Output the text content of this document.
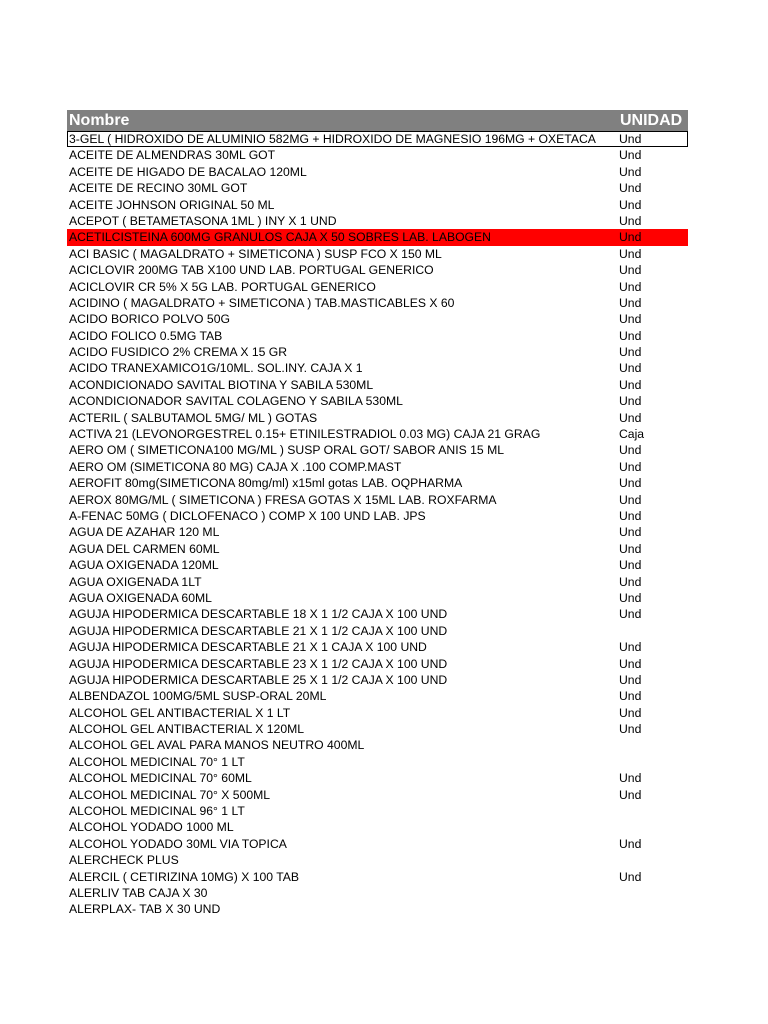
Nombre	UNIDAD
3-GEL ( HIDROXIDO DE ALUMINIO 582MG + HIDROXIDO DE MAGNESIO 196MG + OXETACA	Und
ACEITE DE ALMENDRAS 30ML GOT	Und
ACEITE DE HIGADO DE BACALAO 120ML	Und
ACEITE DE RECINO 30ML GOT	Und
ACEITE JOHNSON ORIGINAL 50 ML	Und
ACEPOT ( BETAMETASONA 1ML ) INY X 1 UND	Und
ACETILCISTEINA 600MG GRANULOS CAJA X 50 SOBRES LAB. LABOGEN	Und
ACI BASIC ( MAGALDRATO + SIMETICONA ) SUSP FCO X 150 ML	Und
ACICLOVIR 200MG TAB X100 UND LAB. PORTUGAL GENERICO	Und
ACICLOVIR CR 5% X 5G LAB. PORTUGAL GENERICO	Und
ACIDINO ( MAGALDRATO + SIMETICONA ) TAB.MASTICABLES X 60	Und
ACIDO BORICO POLVO 50G	Und
ACIDO FOLICO 0.5MG TAB	Und
ACIDO FUSIDICO 2% CREMA X 15 GR	Und
ACIDO TRANEXAMICO1G/10ML. SOL.INY. CAJA X 1	Und
ACONDICIONADO SAVITAL BIOTINA Y SABILA 530ML	Und
ACONDICIONADOR SAVITAL COLAGENO Y SABILA 530ML	Und
ACTERIL ( SALBUTAMOL 5MG/ ML ) GOTAS	Und
ACTIVA 21 (LEVONORGESTREL 0.15+ ETINILESTRADIOL 0.03 MG) CAJA 21 GRAG	Caja
AERO OM ( SIMETICONA100 MG/ML ) SUSP ORAL GOT/ SABOR ANIS 15 ML	Und
AERO OM (SIMETICONA 80 MG) CAJA X .100 COMP.MAST	Und
AEROFIT 80mg(SIMETICONA 80mg/ml) x15ml gotas LAB. OQPHARMA	Und
AEROX 80MG/ML ( SIMETICONA ) FRESA GOTAS X 15ML LAB. ROXFARMA	Und
A-FENAC 50MG ( DICLOFENACO ) COMP X 100 UND LAB. JPS	Und
AGUA DE AZAHAR 120 ML	Und
AGUA DEL CARMEN 60ML	Und
AGUA OXIGENADA 120ML	Und
AGUA OXIGENADA 1LT	Und
AGUA OXIGENADA 60ML	Und
AGUJA HIPODERMICA DESCARTABLE 18 X 1 1/2 CAJA X 100 UND	Und
AGUJA HIPODERMICA DESCARTABLE 21 X 1 1/2 CAJA X 100 UND
AGUJA HIPODERMICA DESCARTABLE 21 X 1 CAJA X 100 UND	Und
AGUJA HIPODERMICA DESCARTABLE 23 X 1 1/2 CAJA X 100 UND	Und
AGUJA HIPODERMICA DESCARTABLE 25 X 1 1/2 CAJA X 100 UND	Und
ALBENDAZOL 100MG/5ML SUSP-ORAL 20ML	Und
ALCOHOL GEL ANTIBACTERIAL X 1 LT	Und
ALCOHOL GEL ANTIBACTERIAL X 120ML	Und
ALCOHOL GEL AVAL PARA MANOS NEUTRO 400ML
ALCOHOL MEDICINAL 70° 1 LT
ALCOHOL MEDICINAL 70° 60ML	Und
ALCOHOL MEDICINAL 70° X 500ML	Und
ALCOHOL MEDICINAL 96° 1 LT
ALCOHOL YODADO 1000 ML
ALCOHOL YODADO 30ML VIA TOPICA	Und
ALERCHECK PLUS
ALERCIL ( CETIRIZINA 10MG) X 100 TAB	Und
ALERLIV TAB CAJA X 30
ALERPLAX- TAB X 30 UND
